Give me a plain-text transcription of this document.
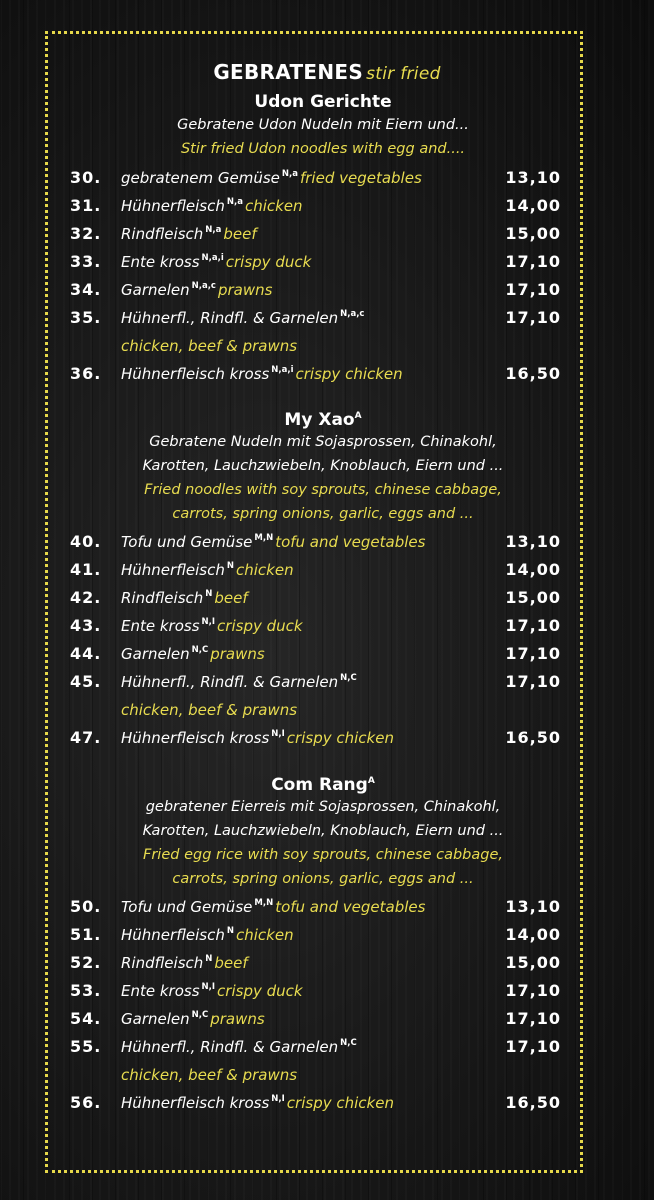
GEBRATENES stir fried
Udon Gerichte
Gebratene Udon Nudeln mit Eiern und...
Stir fried Udon noodles with egg and....
30. gebratenem Gemüse $^{N,a}$ fried vegetables	13,10
31. Hühnerfleisch $^{N,a}$ chicken	14,00
32. Rindfleisch $^{N,a}$ beef	15,00
33. Ente kross $^{N,a,i}$ crispy duck	17,10
34. Garnelen $^{N,a,c}$ prawns	17,10
35. Hühnerfl., Rindfl. & Garnelen $^{N,a,c}$	17,10
chicken, beef & prawns
36. Hühnerfleisch kross $^{N,a,i}$ crispy chicken	16,50
My Xao$^A$
Gebratene Nudeln mit Sojasprossen, Chinakohl,
Karotten, Lauchzwiebeln, Knoblauch, Eiern und ...
Fried noodles with soy sprouts, chinese cabbage,
carrots, spring onions, garlic, eggs and ...
40. Tofu und Gemüse $^{M,N}$ tofu and vegetables	13,10
41. Hühnerfleisch $^N$ chicken	14,00
42. Rindfleisch $^N$ beef	15,00
43. Ente kross $^{N,I}$ crispy duck	17,10
44. Garnelen $^{N,C}$ prawns	17,10
45. Hühnerfl., Rindfl. & Garnelen $^{N,C}$	17,10
chicken, beef & prawns
47. Hühnerfleisch kross $^{N,I}$ crispy chicken	16,50
Com Rang$^A$
gebratener Eierreis mit Sojasprossen, Chinakohl,
Karotten, Lauchzwiebeln, Knoblauch, Eiern und ...
Fried egg rice with soy sprouts, chinese cabbage,
carrots, spring onions, garlic, eggs and ...
50. Tofu und Gemüse $^{M,N}$ tofu and vegetables	13,10
51. Hühnerfleisch $^N$ chicken	14,00
52. Rindfleisch $^N$ beef	15,00
53. Ente kross $^{N,I}$ crispy duck	17,10
54. Garnelen $^{N,C}$ prawns	17,10
55. Hühnerfl., Rindfl. & Garnelen $^{N,C}$	17,10
chicken, beef & prawns
56. Hühnerfleisch kross $^{N,I}$ crispy chicken	16,50
